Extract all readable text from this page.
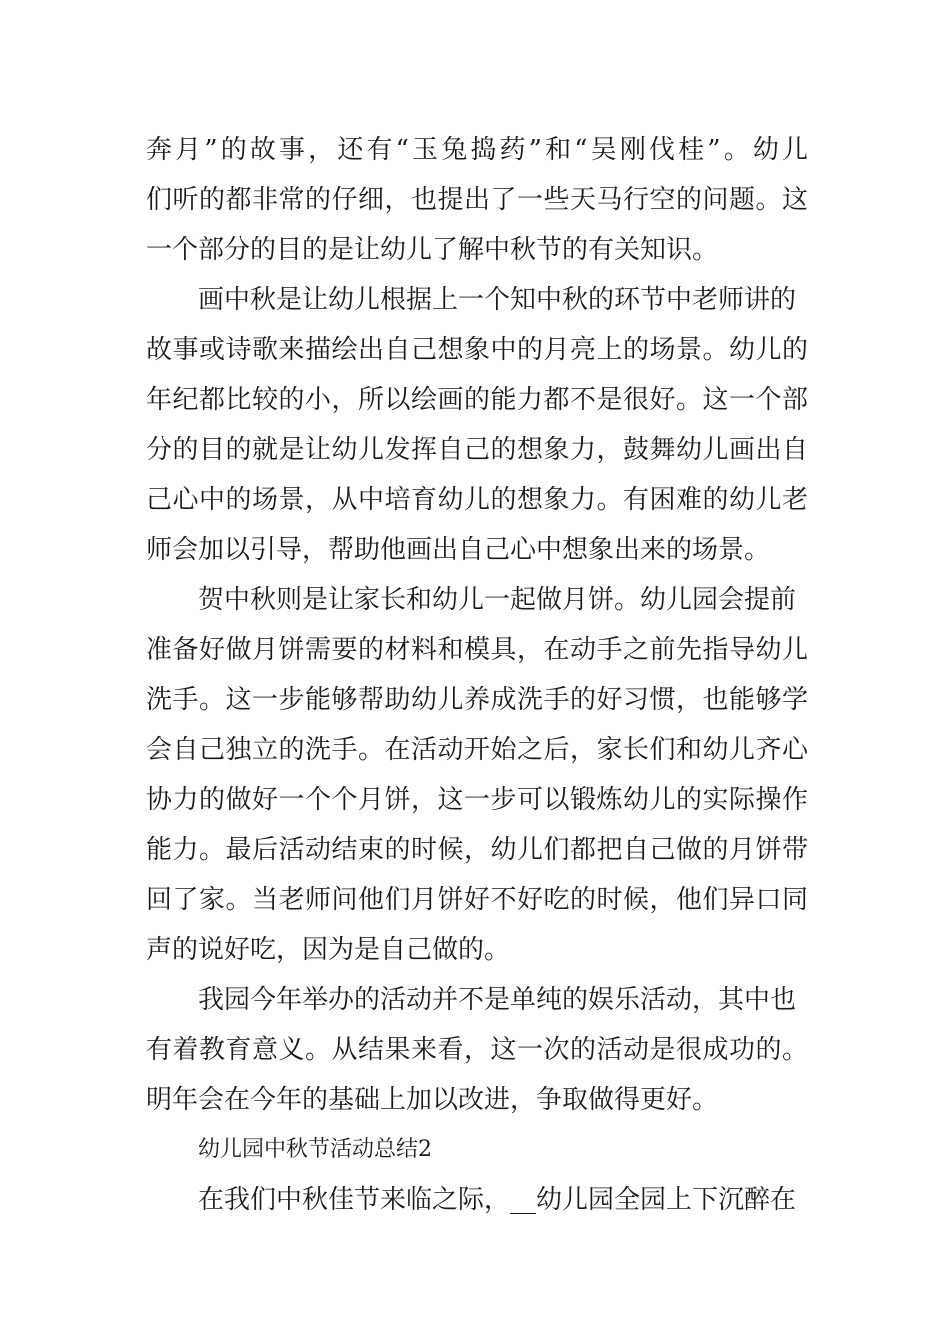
奔月”的故事，还有“玉兔捣药”和“吴刚伐桂”。幼儿
们听的都非常的仔细，也提出了一些天马行空的问题。这
一个部分的目的是让幼儿了解中秋节的有关知识。
画中秋是让幼儿根据上一个知中秋的环节中老师讲的
故事或诗歌来描绘出自己想象中的月亮上的场景。幼儿的
年纪都比较的小，所以绘画的能力都不是很好。这一个部
分的目的就是让幼儿发挥自己的想象力，鼓舞幼儿画出自
己心中的场景，从中培育幼儿的想象力。有困难的幼儿老
师会加以引导，帮助他画出自己心中想象出来的场景。
贺中秋则是让家长和幼儿一起做月饼。幼儿园会提前
准备好做月饼需要的材料和模具，在动手之前先指导幼儿
洗手。这一步能够帮助幼儿养成洗手的好习惯，也能够学
会自己独立的洗手。在活动开始之后，家长们和幼儿齐心
协力的做好一个个月饼，这一步可以锻炼幼儿的实际操作
能力。最后活动结束的时候，幼儿们都把自己做的月饼带
回了家。当老师问他们月饼好不好吃的时候，他们异口同
声的说好吃，因为是自己做的。
我园今年举办的活动并不是单纯的娱乐活动，其中也
有着教育意义。从结果来看，这一次的活动是很成功的。
明年会在今年的基础上加以改进，争取做得更好。
幼儿园中秋节活动总结2
在我们中秋佳节来临之际，__幼儿园全园上下沉醉在
